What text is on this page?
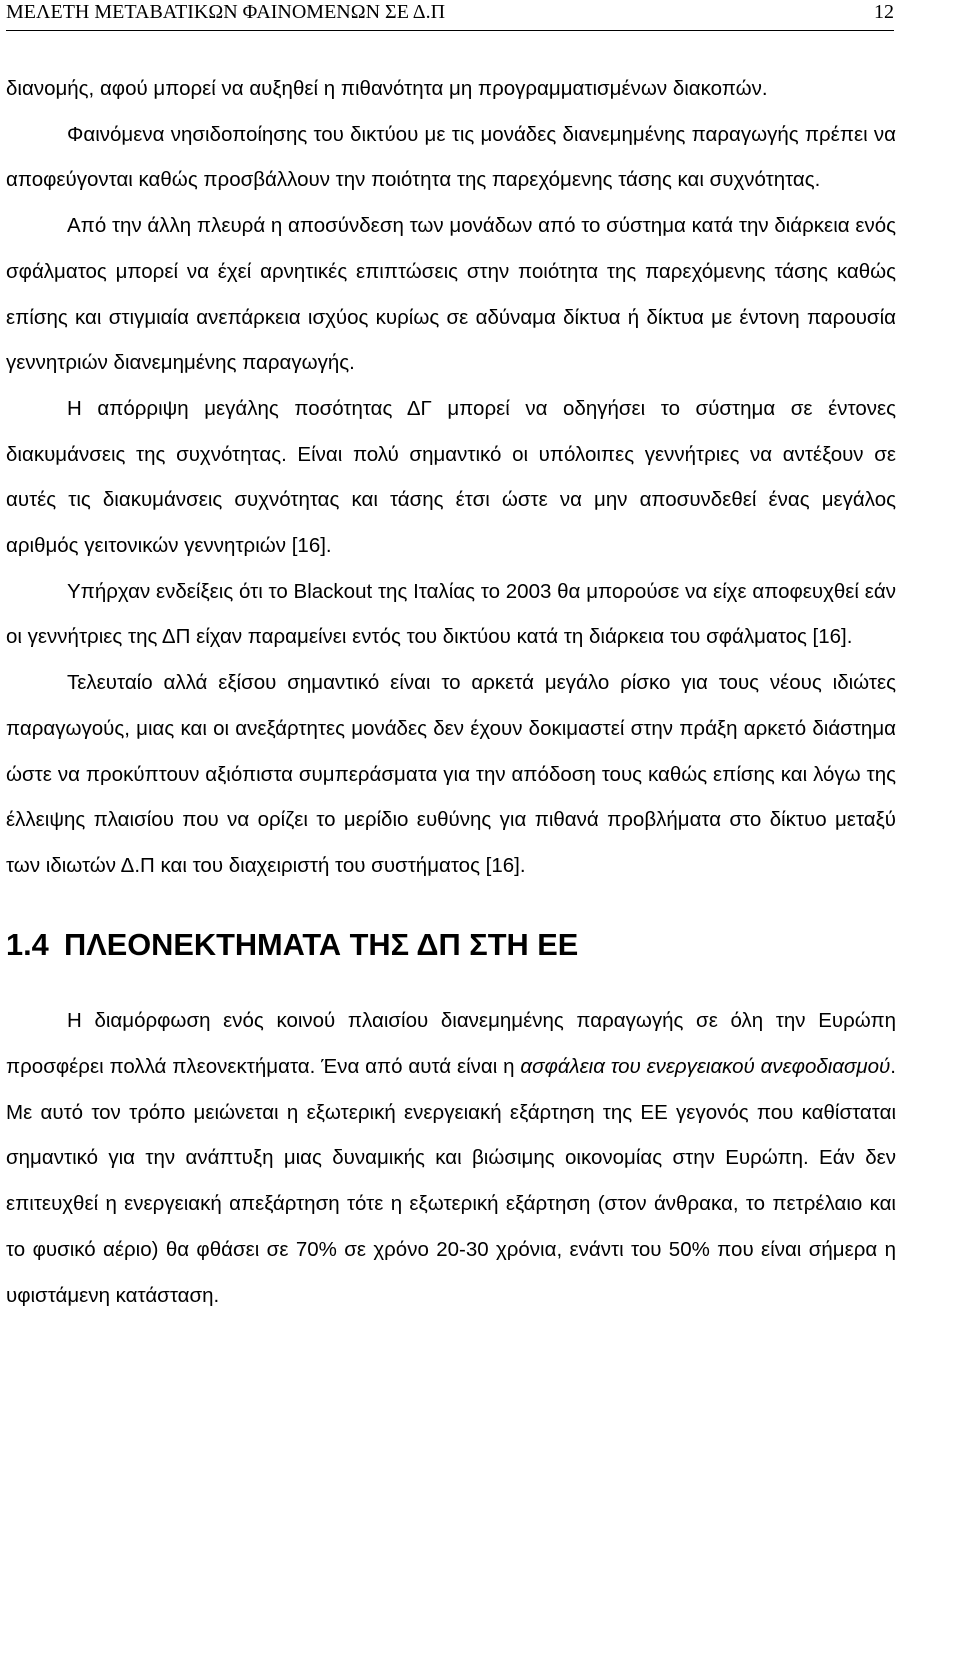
ΜΕΛΕΤΗ ΜΕΤΑΒΑΤΙΚΩΝ ΦΑΙΝΟΜΕΝΩΝ ΣΕ Δ.Π	12

διανομής, αφού μπορεί να αυξηθεί η πιθανότητα μη προγραμματισμένων διακοπών.

Φαινόμενα νησιδοποίησης του δικτύου με τις μονάδες διανεμημένης παραγωγής πρέπει να αποφεύγονται καθώς προσβάλλουν την ποιότητα της παρεχόμενης τάσης και συχνότητας.

Από την άλλη πλευρά η αποσύνδεση των μονάδων από το σύστημα κατά την διάρκεια ενός σφάλματος μπορεί να έχεί αρνητικές επιπτώσεις στην ποιότητα της παρεχόμενης τάσης καθώς επίσης και στιγμιαία ανεπάρκεια ισχύος κυρίως σε αδύναμα δίκτυα ή δίκτυα με έντονη παρουσία γεννητριών διανεμημένης παραγωγής.

Η απόρριψη μεγάλης ποσότητας ΔΓ μπορεί να οδηγήσει το σύστημα σε έντονες διακυμάνσεις της συχνότητας. Είναι πολύ σημαντικό οι υπόλοιπες γεννήτριες να αντέξουν σε αυτές τις διακυμάνσεις συχνότητας και τάσης έτσι ώστε να μην αποσυνδεθεί ένας μεγάλος αριθμός γειτονικών γεννητριών [16].

Υπήρχαν ενδείξεις ότι το Blackout της Ιταλίας το 2003 θα μπορούσε να είχε αποφευχθεί εάν οι γεννήτριες της ΔΠ είχαν παραμείνει εντός του δικτύου κατά τη διάρκεια του σφάλματος [16].

Τελευταίο αλλά εξίσου σημαντικό είναι το αρκετά μεγάλο ρίσκο για τους νέους ιδιώτες παραγωγούς, μιας και οι ανεξάρτητες μονάδες δεν έχουν δοκιμαστεί στην πράξη αρκετό διάστημα ώστε να προκύπτουν αξιόπιστα συμπεράσματα για την απόδοση τους καθώς επίσης και λόγω της έλλειψης πλαισίου που να ορίζει το μερίδιο ευθύνης για πιθανά προβλήματα στο δίκτυο μεταξύ των ιδιωτών Δ.Π και του διαχειριστή του συστήματος [16].

1.4 ΠΛΕΟΝΕΚΤΗΜΑΤΑ ΤΗΣ ΔΠ ΣΤΗ ΕΕ

Η διαμόρφωση ενός κοινού πλαισίου διανεμημένης παραγωγής σε όλη την Ευρώπη προσφέρει πολλά πλεονεκτήματα. Ένα από αυτά είναι η ασφάλεια του ενεργειακού ανεφοδιασμού. Με αυτό τον τρόπο μειώνεται η εξωτερική ενεργειακή εξάρτηση της ΕΕ γεγονός που καθίσταται σημαντικό για την ανάπτυξη μιας δυναμικής και βιώσιμης οικονομίας στην Ευρώπη. Εάν δεν επιτευχθεί η ενεργειακή απεξάρτηση τότε η εξωτερική εξάρτηση (στον άνθρακα, το πετρέλαιο και το φυσικό αέριο) θα φθάσει σε 70% σε χρόνο 20-30 χρόνια, ενάντι του 50% που είναι σήμερα η υφιστάμενη κατάσταση.
